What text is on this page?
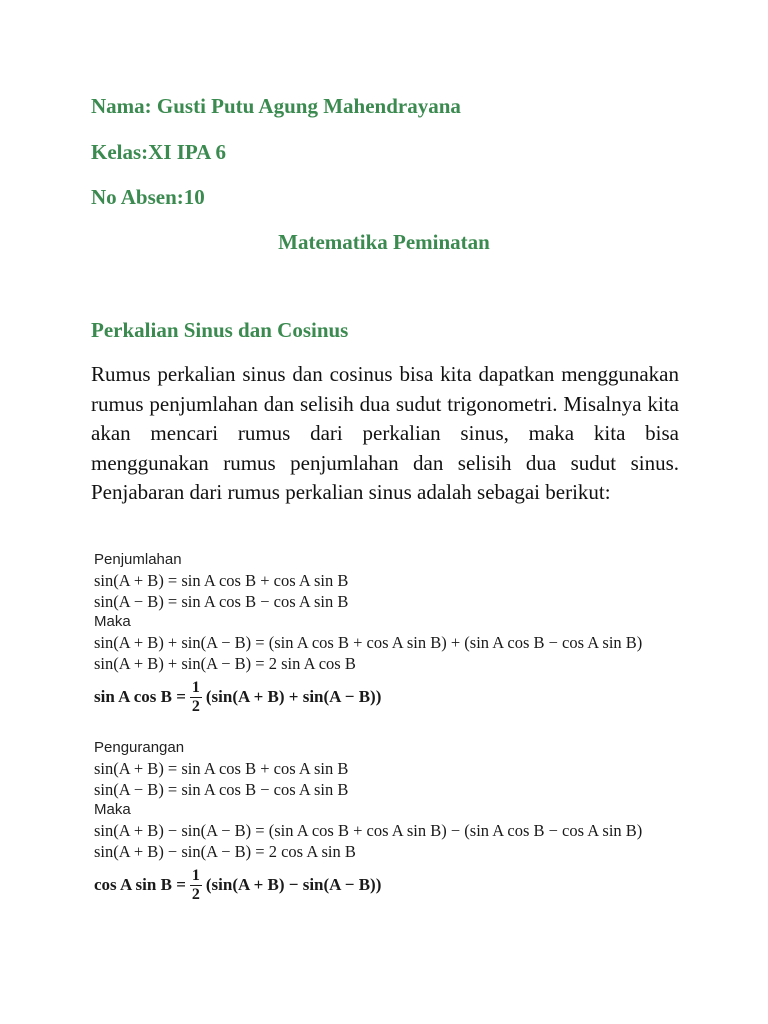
Nama: Gusti Putu Agung Mahendrayana

Kelas:XI IPA 6

No Absen:10

Matematika Peminatan

Perkalian Sinus dan Cosinus

Rumus perkalian sinus dan cosinus bisa kita dapatkan menggunakan rumus penjumlahan dan selisih dua sudut trigonometri. Misalnya kita akan mencari rumus dari perkalian sinus, maka kita bisa menggunakan rumus penjumlahan dan selisih dua sudut sinus. Penjabaran dari rumus perkalian sinus adalah sebagai berikut:

Penjumlahan
sin(A + B) = sin A cos B + cos A sin B
sin(A − B) = sin A cos B − cos A sin B
Maka
sin(A + B) + sin(A − B) = (sin A cos B + cos A sin B) + (sin A cos B − cos A sin B)
sin(A + B) + sin(A − B) = 2 sin A cos B
sin A $\cos B = \frac{1}{2} (\sin(A + B) + \sin(A - B))$
Pengurangan
sin(A + B) = sin A cos B + cos A sin B
sin(A − B) = sin A cos B − cos A sin B
Maka
sin(A + B) − sin(A − B) = (sin A cos B + cos A sin B) − (sin A cos B − cos A sin B)
sin(A + B) − sin(A − B) = 2 cos A sin B
cos A $\sin B = \frac{1}{2} (\sin(A + B) - \sin(A - B))$
